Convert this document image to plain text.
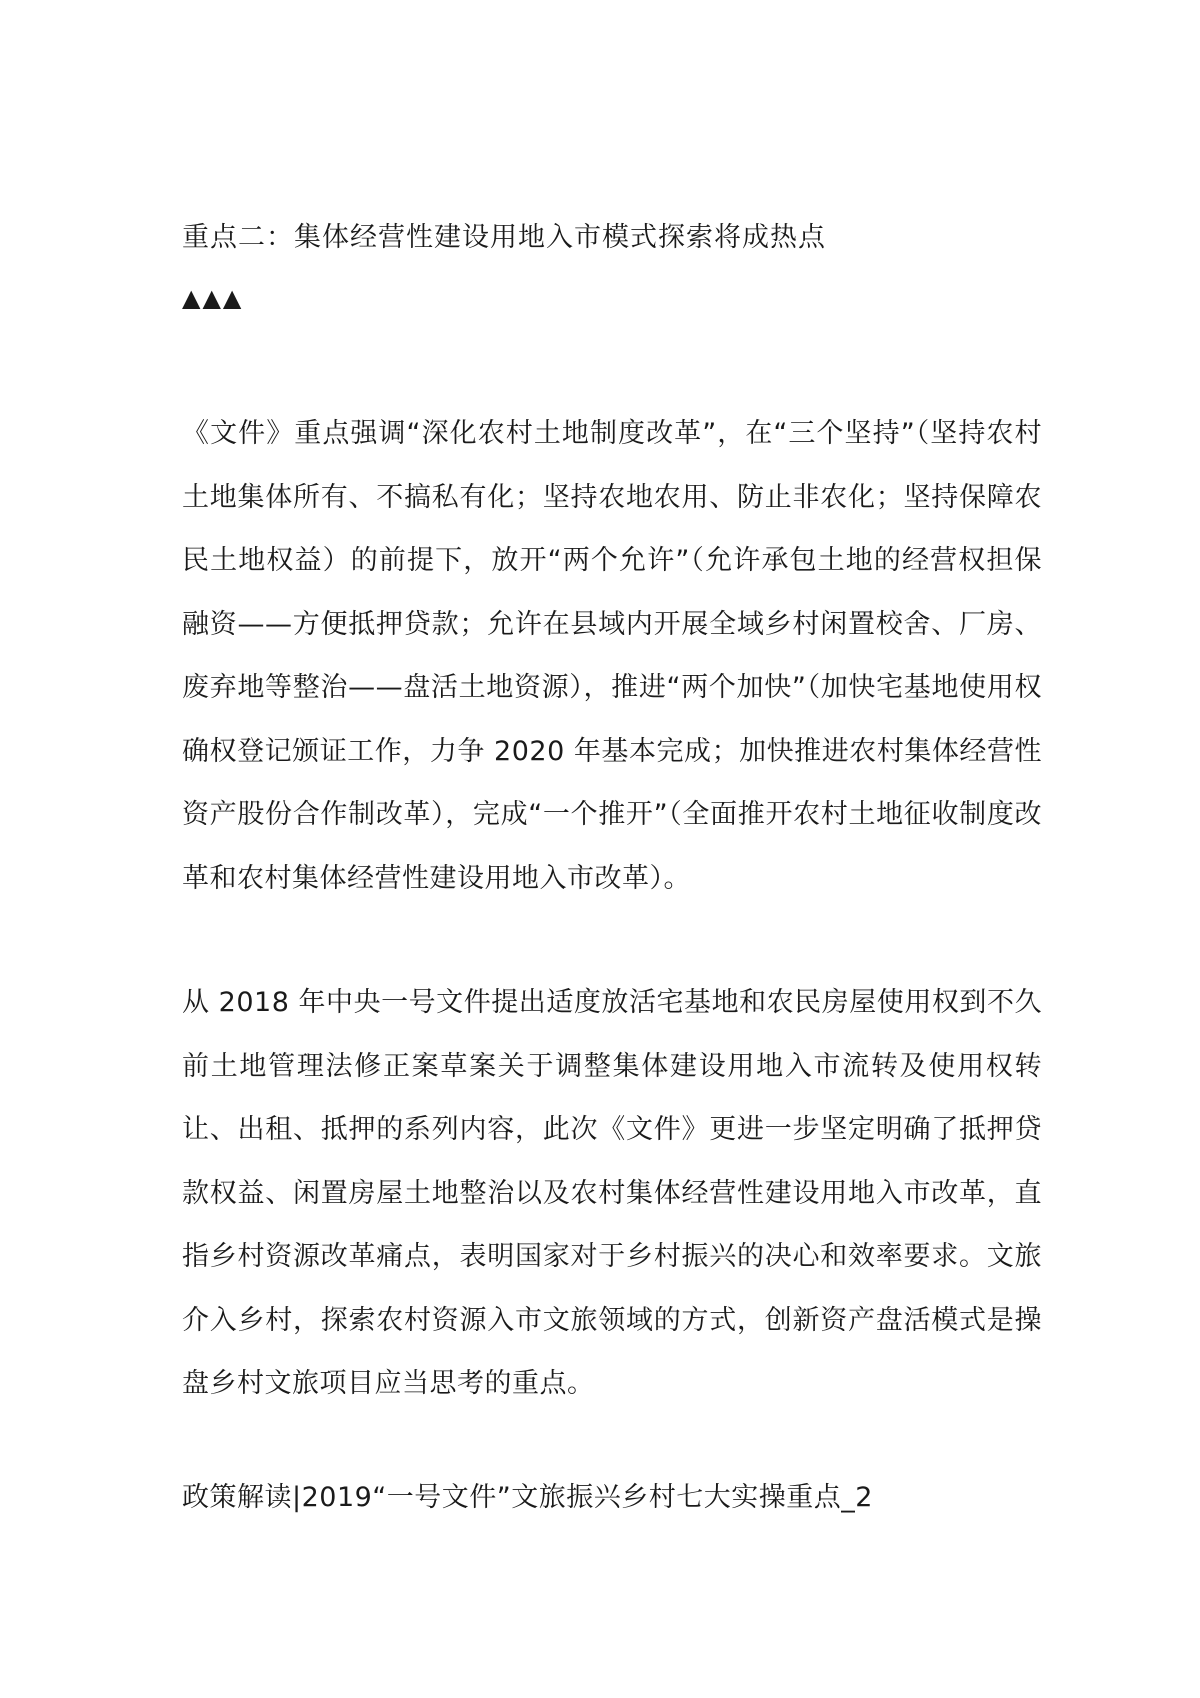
重点二：集体经营性建设用地入市模式探索将成热点
▲▲▲

《文件》重点强调“深化农村土地制度改革”，在“三个坚持”（坚持农村土地集体所有、不搞私有化；坚持农地农用、防止非农化；坚持保障农民土地权益）的前提下，放开“两个允许”（允许承包土地的经营权担保融资——方便抵押贷款；允许在县域内开展全域乡村闲置校舍、厂房、废弃地等整治——盘活土地资源），推进“两个加快”（加快宅基地使用权确权登记颁证工作，力争 2020 年基本完成；加快推进农村集体经营性资产股份合作制改革），完成“一个推开”（全面推开农村土地征收制度改革和农村集体经营性建设用地入市改革）。

从 2018 年中央一号文件提出适度放活宅基地和农民房屋使用权到不久前土地管理法修正案草案关于调整集体建设用地入市流转及使用权转让、出租、抵押的系列内容，此次《文件》更进一步坚定明确了抵押贷款权益、闲置房屋土地整治以及农村集体经营性建设用地入市改革，直指乡村资源改革痛点，表明国家对于乡村振兴的决心和效率要求。文旅介入乡村，探索农村资源入市文旅领域的方式，创新资产盘活模式是操盘乡村文旅项目应当思考的重点。

政策解读|2019“一号文件”文旅振兴乡村七大实操重点_2
